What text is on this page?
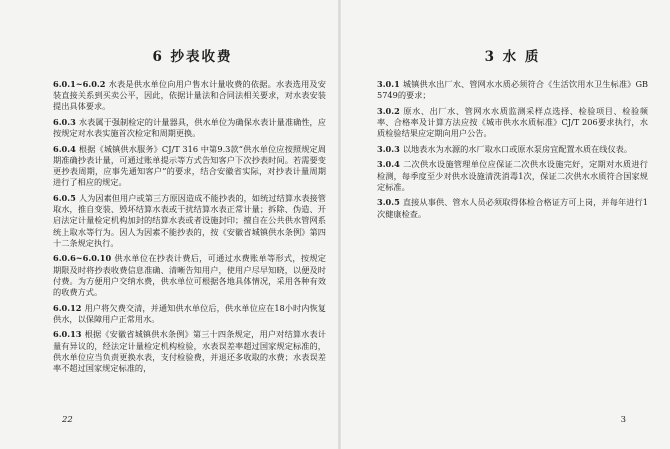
6 抄表收费

6.0.1~6.0.2 水表是供水单位向用户售水计量收费的依据。水表选用及安装直接关系到买卖公平，因此，依据计量法和合同法相关要求，对水表安装提出具体要求。

6.0.3 水表属于强制检定的计量器具，供水单位为确保水表计量准确性，应按规定对水表实施首次检定和周期更换。

6.0.4 根据《城镇供水服务》CJ/T 316 中第9.3款“供水单位应按照规定周期准确抄表计量，可通过账单提示等方式告知客户下次抄表时间。若需要变更抄表周期，应事先通知客户”的要求，结合安徽省实际，对抄表计量周期进行了相应的规定。

6.0.5 人为因素但用户或第三方原因造成不能抄表的，如统过结算水表接管取水，推自变装、毁坏结算水表或干扰结算水表正常计量；拆除、伪造、开启法定计量检定机构加封的结算水表或者设施封印；擅自在公共供水管网系统上取水等行为。因人为因素不能抄表的，按《安徽省城镇供水条例》第四十二条规定执行。

6.0.6~6.0.10 供水单位在抄表计费后，可通过水费账单等形式，按规定期限及时将抄表收费信息准确、清晰告知用户，使用户尽早知晓，以便及时付费。为方便用户交纳水费，供水单位可根据各地具体情况，采用各种有效的收费方式。

6.0.12 用户将欠费交清，并通知供水单位后，供水单位应在18小时内恢复供水，以保障用户正常用水。

6.0.13 根据《安徽省城镇供水条例》第三十四条规定，用户对结算水表计量有异议的，经法定计量检定机构检验，水表误差率超过国家规定标准的，供水单位应当负责更换水表，支付检验费，并退还多收取的水费；水表误差率不超过国家规定标准的，

22
3 水 质

3.0.1 城镇供水出厂水、管网水水质必须符合《生活饮用水卫生标准》GB 5749的要求；

3.0.2 原水、出厂水、管网水水质监测采样点选择、检验项目、检验频率、合格率及计算方法应按《城市供水水质标准》CJ/T 206要求执行，水质检验结果应定期向用户公告。

3.0.3 以地表水为水源的水厂取水口或原水泵房宜配置水质在线仪表。

3.0.4 二次供水设施管理单位应保证二次供水设施完好，定期对水质进行检测，每季度至少对供水设施清洗消毒1次，保证二次供水水质符合国家规定标准。

3.0.5 直接从事供、管水人员必须取得体检合格证方可上岗，并每年进行1次健康检查。

3
